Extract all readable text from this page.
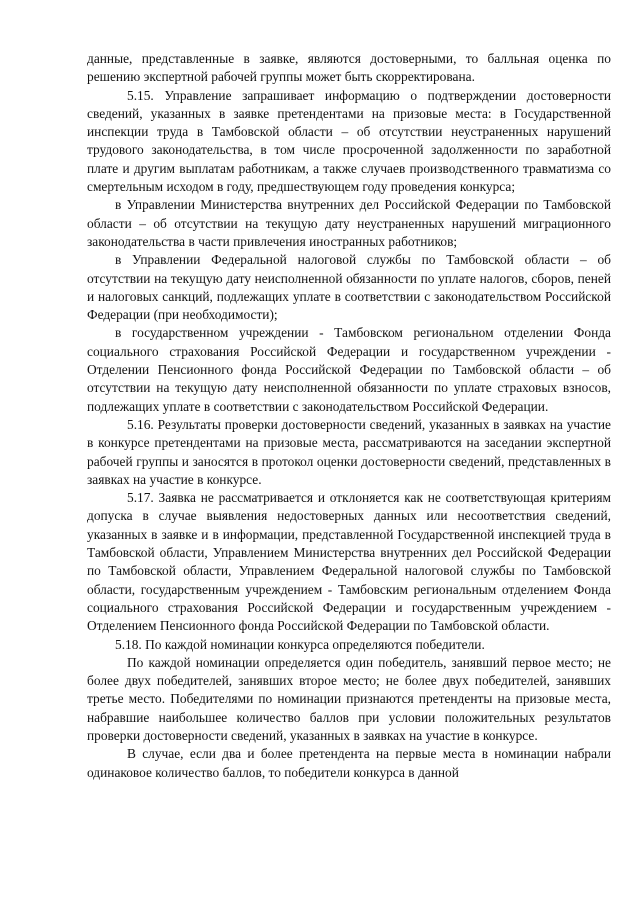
данные, представленные в заявке, являются достоверными, то балльная оценка по решению экспертной рабочей группы может быть скорректирована.

5.15. Управление запрашивает информацию о подтверждении достоверности сведений, указанных в заявке претендентами на призовые места: в Государственной инспекции труда в Тамбовской области – об отсутствии неустраненных нарушений трудового законодательства, в том числе просроченной задолженности по заработной плате и другим выплатам работникам, а также случаев производственного травматизма со смертельным исходом в году, предшествующем году проведения конкурса;

в Управлении Министерства внутренних дел Российской Федерации по Тамбовской области – об отсутствии на текущую дату неустраненных нарушений миграционного законодательства в части привлечения иностранных работников;

в Управлении Федеральной налоговой службы по Тамбовской области – об отсутствии на текущую дату неисполненной обязанности по уплате налогов, сборов, пеней и налоговых санкций, подлежащих уплате в соответствии с законодательством Российской Федерации (при необходимости);

в государственном учреждении - Тамбовском региональном отделении Фонда социального страхования Российской Федерации и государственном учреждении - Отделении Пенсионного фонда Российской Федерации по Тамбовской области – об отсутствии на текущую дату неисполненной обязанности по уплате страховых взносов, подлежащих уплате в соответствии с законодательством Российской Федерации.

5.16. Результаты проверки достоверности сведений, указанных в заявках на участие в конкурсе претендентами на призовые места, рассматриваются на заседании экспертной рабочей группы и заносятся в протокол оценки достоверности сведений, представленных в заявках на участие в конкурсе.

5.17. Заявка не рассматривается и отклоняется как не соответствующая критериям допуска в случае выявления недостоверных данных или несоответствия сведений, указанных в заявке и в информации, представленной Государственной инспекцией труда в Тамбовской области, Управлением Министерства внутренних дел Российской Федерации по Тамбовской области, Управлением Федеральной налоговой службы по Тамбовской области, государственным учреждением - Тамбовским региональным отделением Фонда социального страхования Российской Федерации и государственным учреждением - Отделением Пенсионного фонда Российской Федерации по Тамбовской области.

5.18. По каждой номинации конкурса определяются победители.

По каждой номинации определяется один победитель, занявший первое место; не более двух победителей, занявших второе место; не более двух победителей, занявших третье место. Победителями по номинации признаются претенденты на призовые места, набравшие наибольшее количество баллов при условии положительных результатов проверки достоверности сведений, указанных в заявках на участие в конкурсе.

В случае, если два и более претендента на первые места в номинации набрали одинаковое количество баллов, то победители конкурса в данной
